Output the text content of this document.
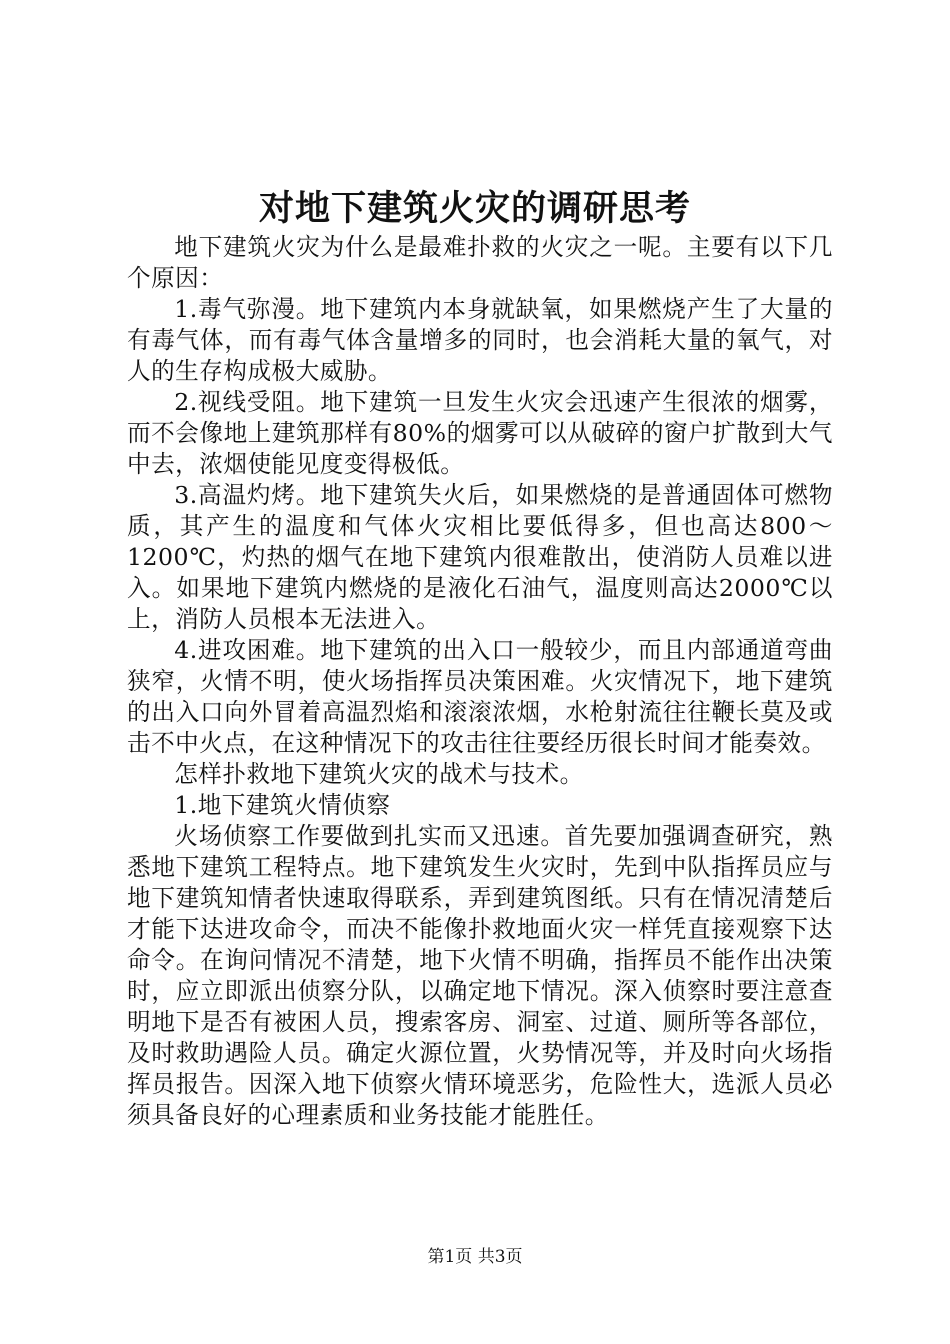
对地下建筑火灾的调研思考

地下建筑火灾为什么是最难扑救的火灾之一呢。主要有以下几个原因：

1.毒气弥漫。地下建筑内本身就缺氧，如果燃烧产生了大量的有毒气体，而有毒气体含量增多的同时，也会消耗大量的氧气，对人的生存构成极大威胁。

2.视线受阻。地下建筑一旦发生火灾会迅速产生很浓的烟雾，而不会像地上建筑那样有80%的烟雾可以从破碎的窗户扩散到大气中去，浓烟使能见度变得极低。

3.高温灼烤。地下建筑失火后，如果燃烧的是普通固体可燃物质，其产生的温度和气体火灾相比要低得多，但也高达800～1200℃，灼热的烟气在地下建筑内很难散出，使消防人员难以进入。如果地下建筑内燃烧的是液化石油气，温度则高达2000℃以上，消防人员根本无法进入。

4.进攻困难。地下建筑的出入口一般较少，而且内部通道弯曲狭窄，火情不明，使火场指挥员决策困难。火灾情况下，地下建筑的出入口向外冒着高温烈焰和滚滚浓烟，水枪射流往往鞭长莫及或击不中火点，在这种情况下的攻击往往要经历很长时间才能奏效。

怎样扑救地下建筑火灾的战术与技术。

1.地下建筑火情侦察

火场侦察工作要做到扎实而又迅速。首先要加强调查研究，熟悉地下建筑工程特点。地下建筑发生火灾时，先到中队指挥员应与地下建筑知情者快速取得联系，弄到建筑图纸。只有在情况清楚后才能下达进攻命令，而决不能像扑救地面火灾一样凭直接观察下达命令。在询问情况不清楚，地下火情不明确，指挥员不能作出决策时，应立即派出侦察分队，以确定地下情况。深入侦察时要注意查明地下是否有被困人员，搜索客房、洞室、过道、厕所等各部位，及时救助遇险人员。确定火源位置，火势情况等，并及时向火场指挥员报告。因深入地下侦察火情环境恶劣，危险性大，选派人员必须具备良好的心理素质和业务技能才能胜任。

第1页 共3页
